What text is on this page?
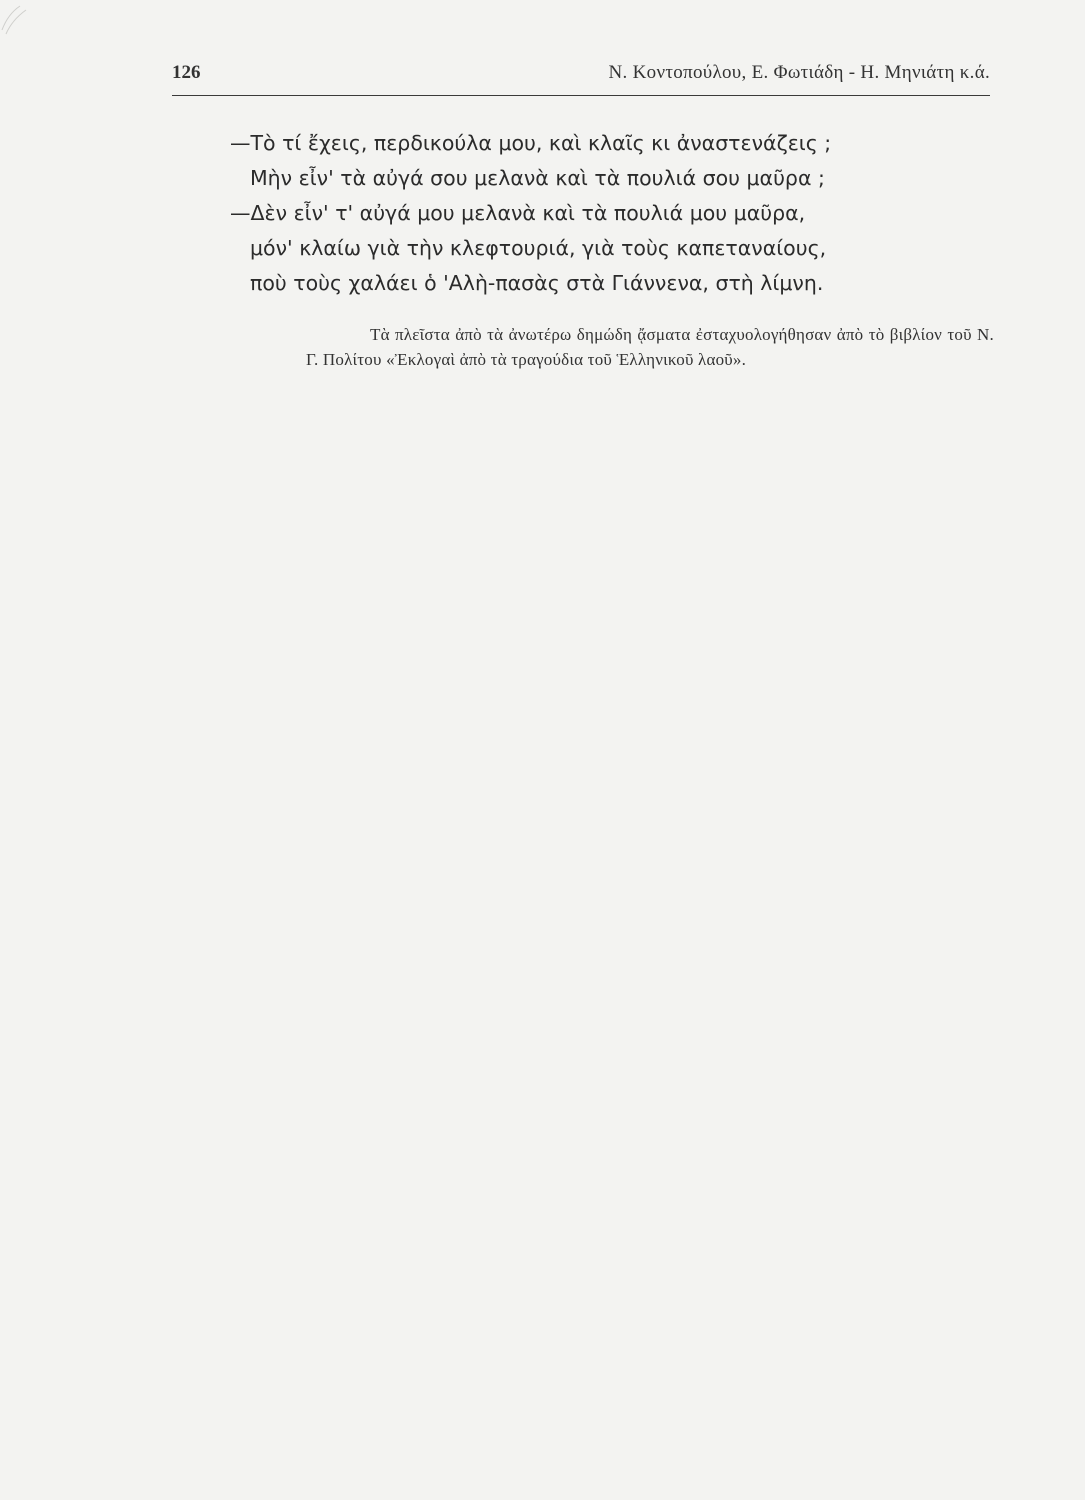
126	Ν. Κοντοπούλου, Ε. Φωτιάδη - Η. Μηνιάτη κ.ά.
—Τὸ τί ἔχεις, περδικούλα μου, καὶ κλαῖς κι ἀναστενάζεις ;
Μὴν εἶν' τὰ αὐγά σου μελανὰ καὶ τὰ πουλιά σου μαῦρα ;
—Δὲν εἶν' τ' αὐγά μου μελανὰ καὶ τὰ πουλιά μου μαῦρα,
μόν' κλαίω γιὰ τὴν κλεφτουριά, γιὰ τοὺς καπεταναίους,
ποὺ τοὺς χαλάει ὁ 'Αλὴ-πασὰς στὰ Γιάννενα, στὴ λίμνη.
Τὰ πλεῖστα ἀπὸ τὰ ἀνωτέρω δημώδη ᾄσματα ἐσταχυολογήθησαν ἀπὸ τὸ βιβλίον τοῦ Ν. Γ. Πολίτου «Ἐκλογαὶ ἀπὸ τὰ τραγούδια τοῦ Ἑλληνικοῦ λαοῦ».
